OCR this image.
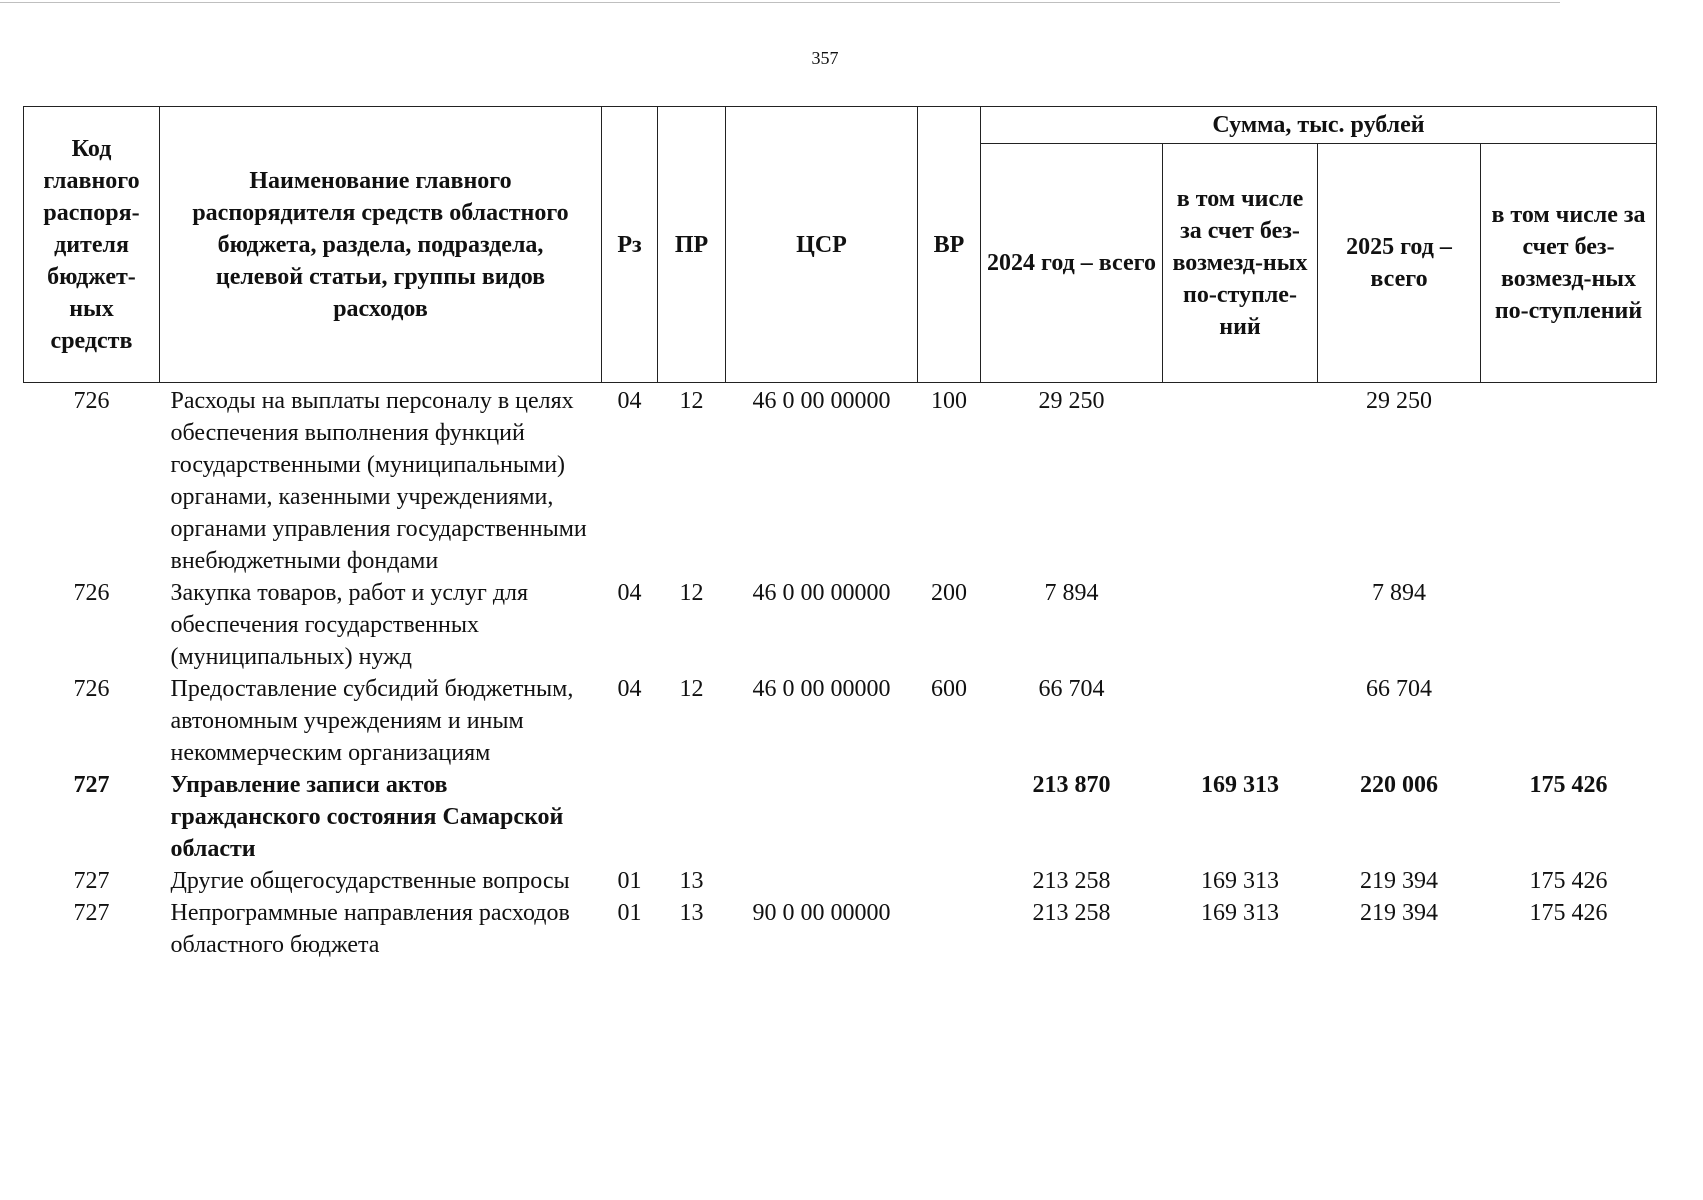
357
Код главного распоря-дителя бюджет-ных средств	Наименование главного распорядителя средств областного бюджета, раздела, подраздела, целевой статьи, группы видов расходов	Рз	ПР	ЦСР	ВР	Сумма, тыс. рублей			
						2024 год – всего	в том числе за счет без-возмезд-ных по-ступле-ний	2025 год – всего	в том числе за счет без-возмезд-ных по-ступлений
726	Расходы на выплаты персоналу в целях обеспечения выполнения функций государственными (муниципальными) органами, казенными учреждениями, органами управления государственными внебюджетными фондами	04	12	46 0 00 00000	100	29 250		29 250	
726	Закупка товаров, работ и услуг для обеспечения государственных (муниципальных) нужд	04	12	46 0 00 00000	200	7 894		7 894	
726	Предоставление субсидий бюджетным, автономным учреждениям и иным некоммерческим организациям	04	12	46 0 00 00000	600	66 704		66 704	
727	Управление записи актов гражданского состояния Самарской области					213 870	169 313	220 006	175 426
727	Другие общегосударственные вопросы	01	13			213 258	169 313	219 394	175 426
727	Непрограммные направления расходов областного бюджета	01	13	90 0 00 00000		213 258	169 313	219 394	175 426
